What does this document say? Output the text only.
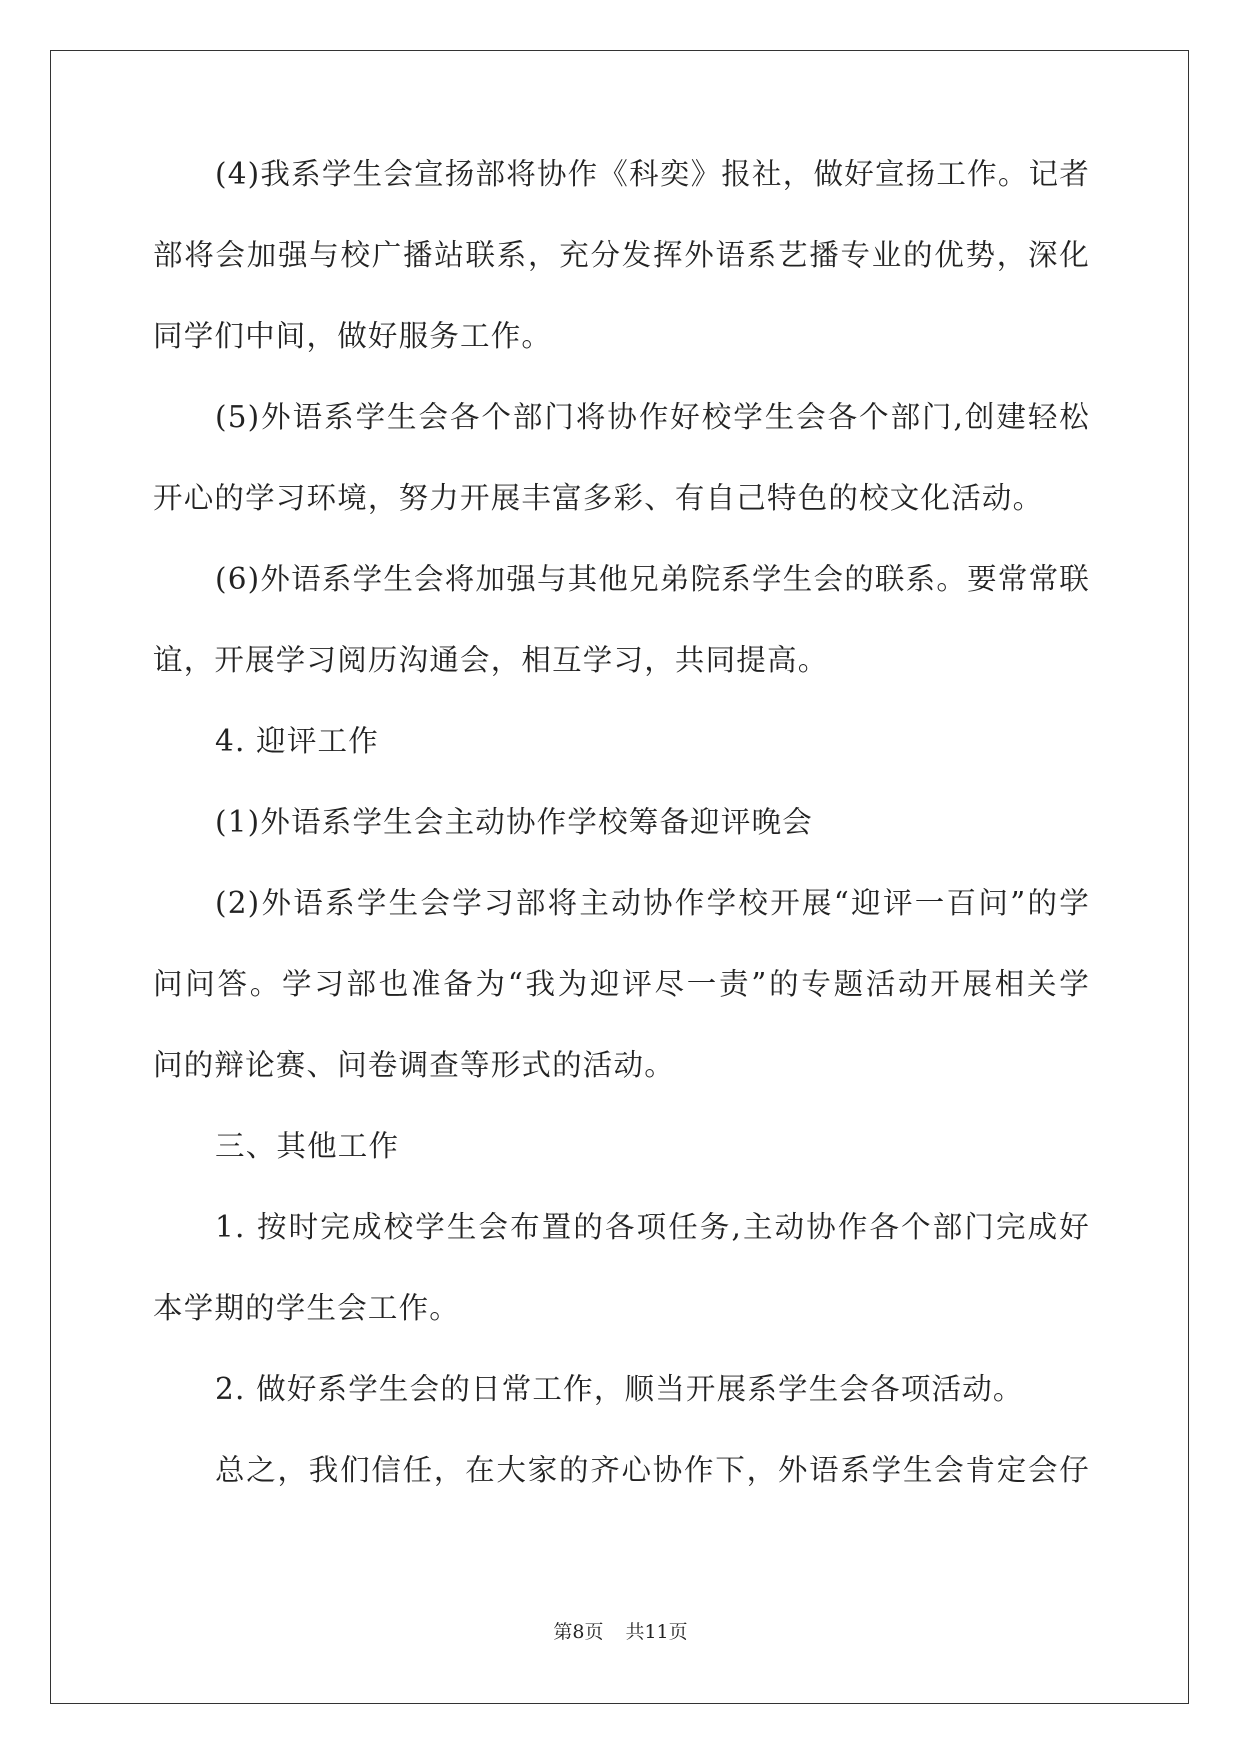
(4)我系学生会宣扬部将协作《科奕》报社，做好宣扬工作。记者
部将会加强与校广播站联系，充分发挥外语系艺播专业的优势，深化
同学们中间，做好服务工作。
(5)外语系学生会各个部门将协作好校学生会各个部门,创建轻松
开心的学习环境，努力开展丰富多彩、有自己特色的校文化活动。
(6)外语系学生会将加强与其他兄弟院系学生会的联系。要常常联
谊，开展学习阅历沟通会，相互学习，共同提高。
4. 迎评工作
(1)外语系学生会主动协作学校筹备迎评晚会
(2)外语系学生会学习部将主动协作学校开展“迎评一百问”的学
问问答。学习部也准备为“我为迎评尽一责”的专题活动开展相关学
问的辩论赛、问卷调查等形式的活动。
三、其他工作
1. 按时完成校学生会布置的各项任务,主动协作各个部门完成好
本学期的学生会工作。
2. 做好系学生会的日常工作，顺当开展系学生会各项活动。
总之，我们信任，在大家的齐心协作下，外语系学生会肯定会仔
第8页 共11页
